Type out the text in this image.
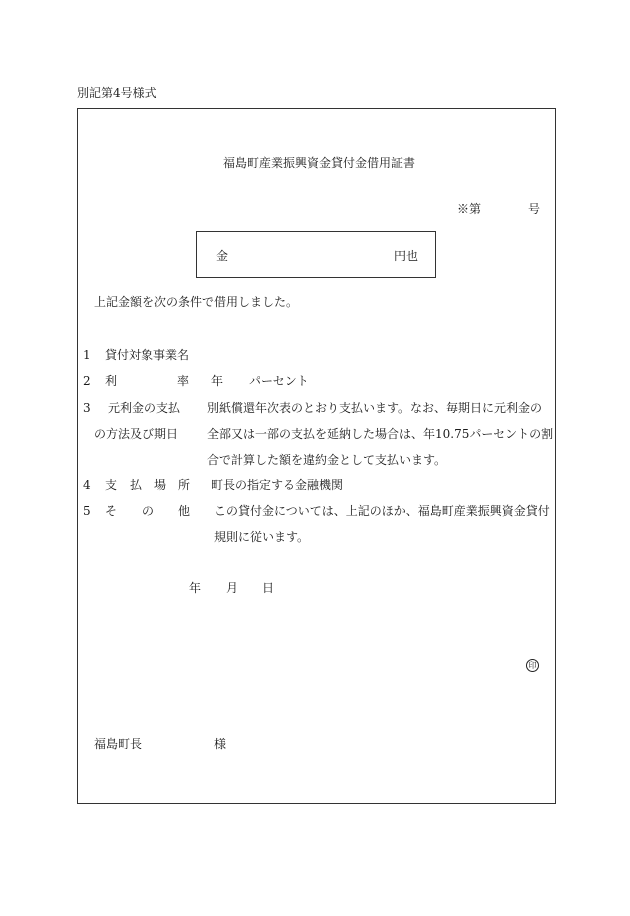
別記第4号様式
福島町産業振興資金貸付金借用証書
※第	号
金	円也
上記金額を次の条件で借用しました。
1 貸付対象事業名
2 利	率 年 パーセント
3 元利金の支払
の方法及び期日
別紙償還年次表のとおり支払います。なお、毎期日に元利金の
全部又は一部の支払を延納した場合は、年10.75パーセントの割
合で計算した額を違約金として支払います。
4 支 払 場 所 町長の指定する金融機関
5 そ の 他 この貸付金については、上記のほか、福島町産業振興資金貸付
規則に従います。
年 月 日
印
福島町長	様
